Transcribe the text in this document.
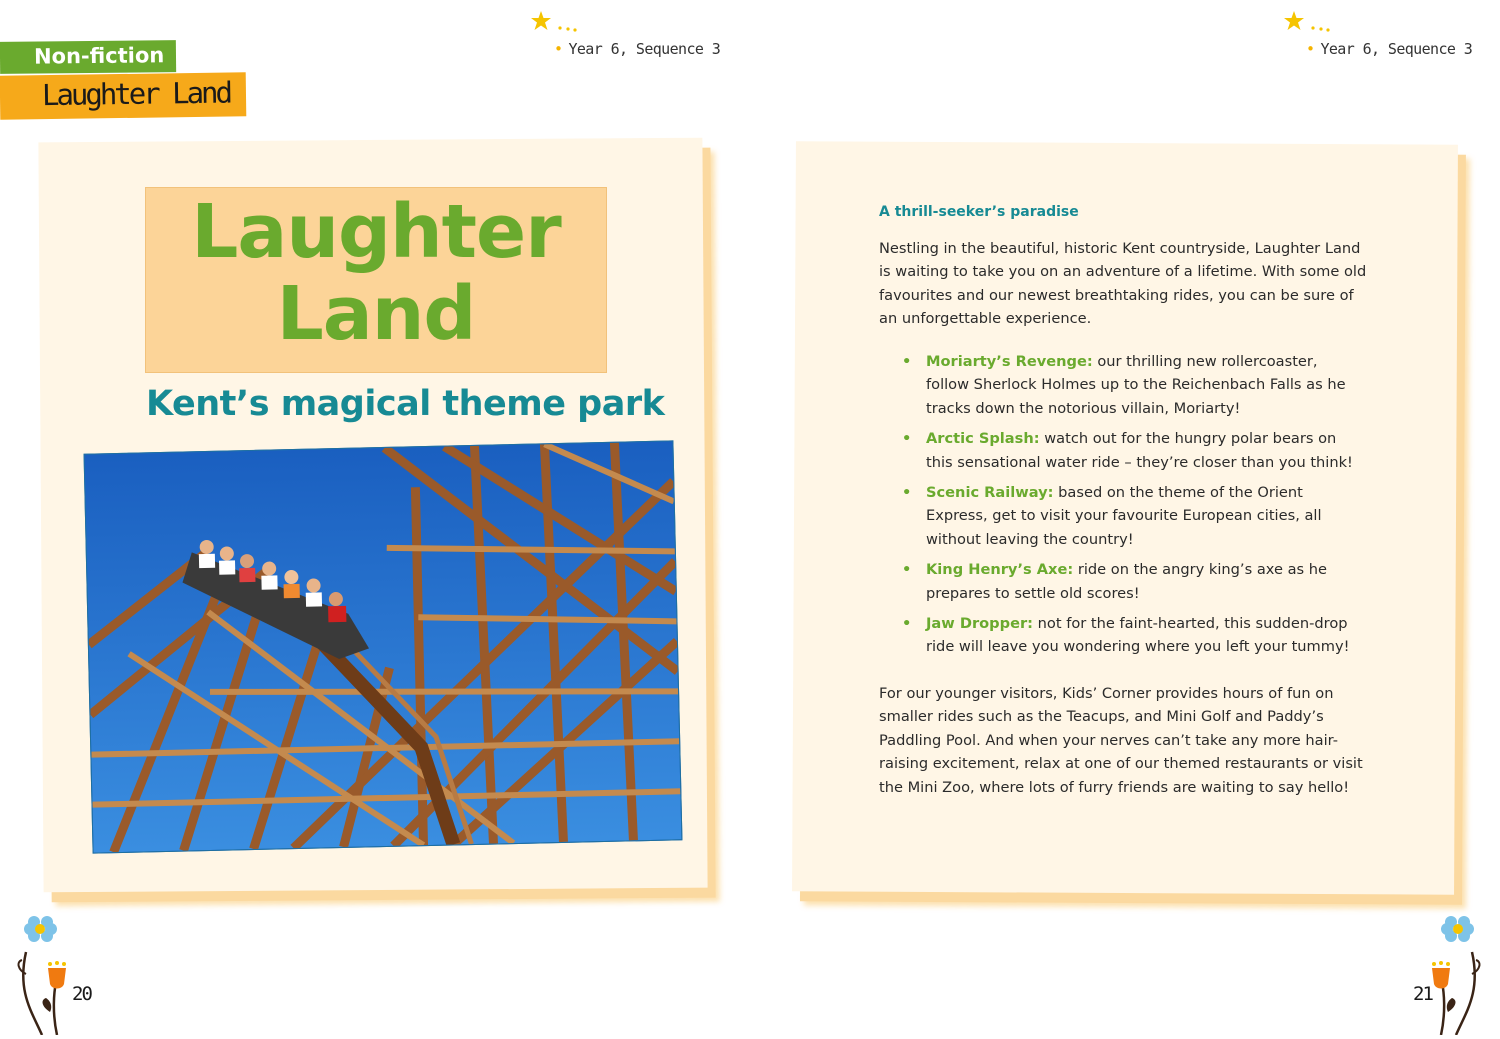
Non-fiction
Laughter Land
• Year 6, Sequence 3	• Year 6, Sequence 3
Laughter
Land
Kent’s magical theme park
A thrill-seeker’s paradise
Nestling in the beautiful, historic Kent countryside, Laughter Land is waiting to take you on an adventure of a lifetime. With some old favourites and our newest breathtaking rides, you can be sure of an unforgettable experience.
• Moriarty’s Revenge: our thrilling new rollercoaster, follow Sherlock Holmes up to the Reichenbach Falls as he tracks down the notorious villain, Moriarty!
• Arctic Splash: watch out for the hungry polar bears on this sensational water ride – they’re closer than you think!
• Scenic Railway: based on the theme of the Orient Express, get to visit your favourite European cities, all without leaving the country!
• King Henry’s Axe: ride on the angry king’s axe as he prepares to settle old scores!
• Jaw Dropper: not for the faint-hearted, this sudden-drop ride will leave you wondering where you left your tummy!
For our younger visitors, Kids’ Corner provides hours of fun on smaller rides such as the Teacups, and Mini Golf and Paddy’s Paddling Pool. And when your nerves can’t take any more hair-raising excitement, relax at one of our themed restaurants or visit the Mini Zoo, where lots of furry friends are waiting to say hello!
20	21
